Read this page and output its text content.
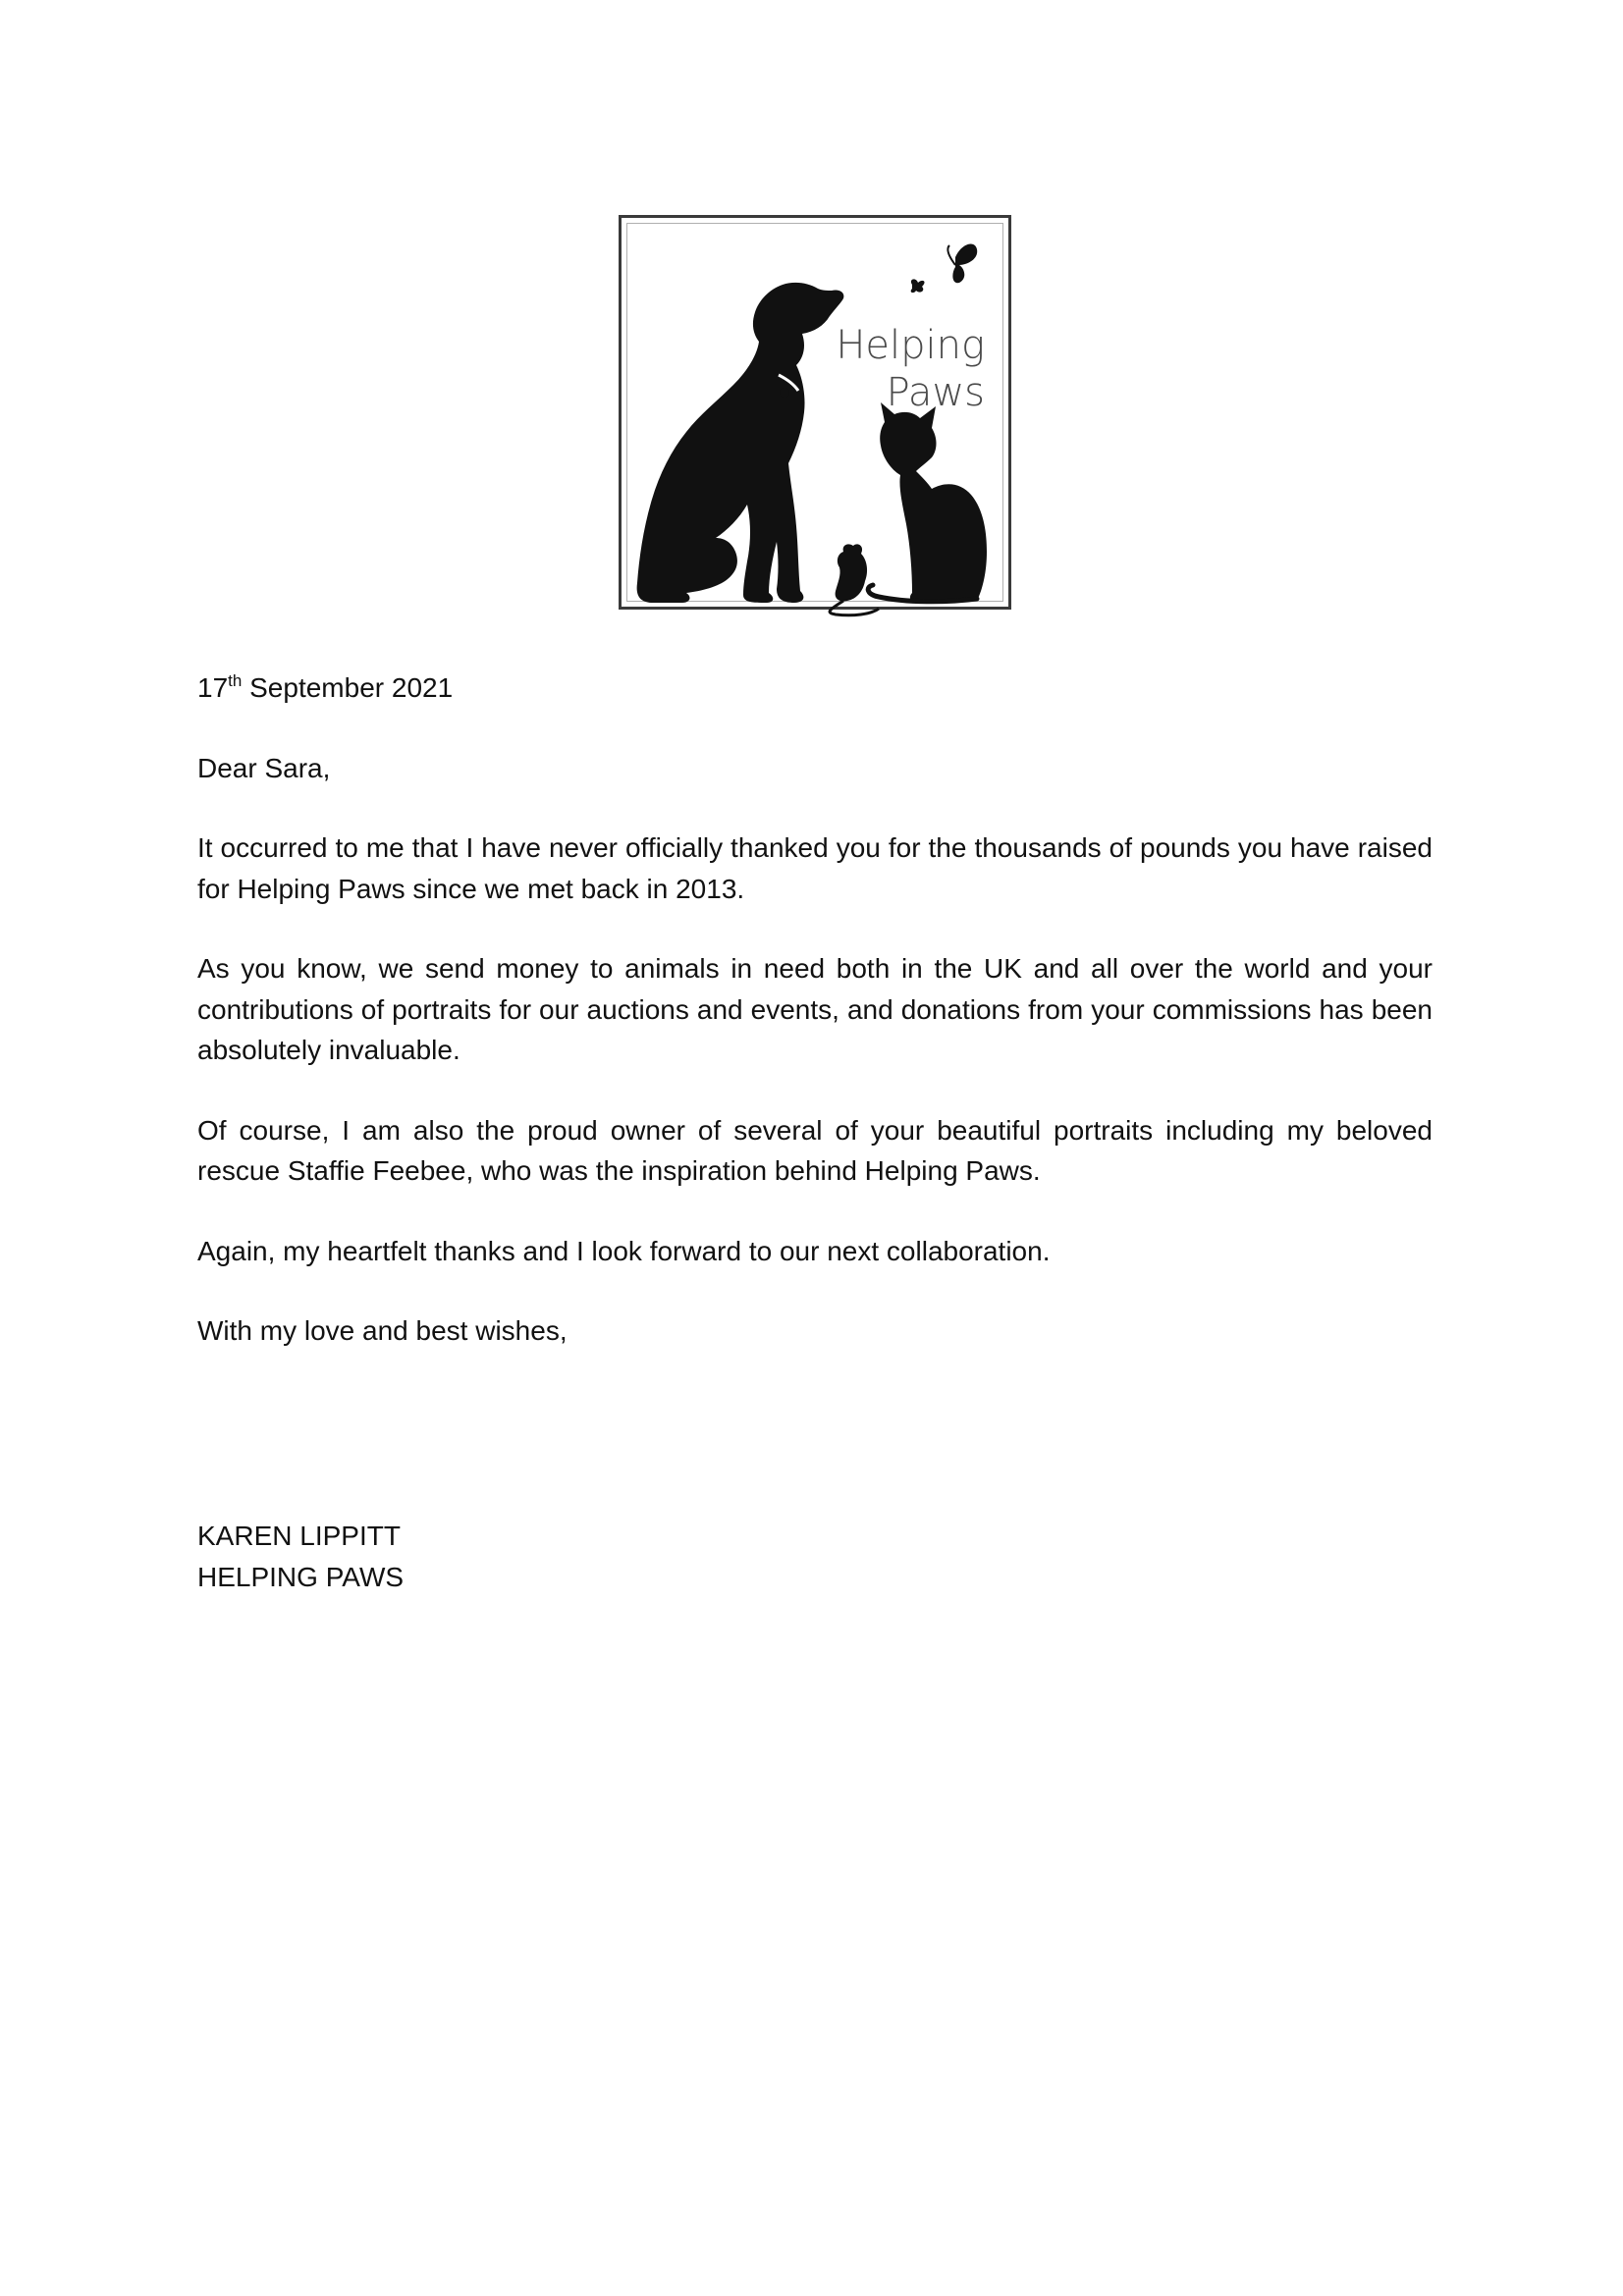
Helping
Paws

17th September 2021

Dear Sara,

It occurred to me that I have never officially thanked you for the thousands of pounds you have raised for Helping Paws since we met back in 2013.

As you know, we send money to animals in need both in the UK and all over the world and your contributions of portraits for our auctions and events, and donations from your commissions has been absolutely invaluable.

Of course, I am also the proud owner of several of your beautiful portraits including my beloved rescue Staffie Feebee, who was the inspiration behind Helping Paws.

Again, my heartfelt thanks and I look forward to our next collaboration.

With my love and best wishes,

KAREN LIPPITT
HELPING PAWS
